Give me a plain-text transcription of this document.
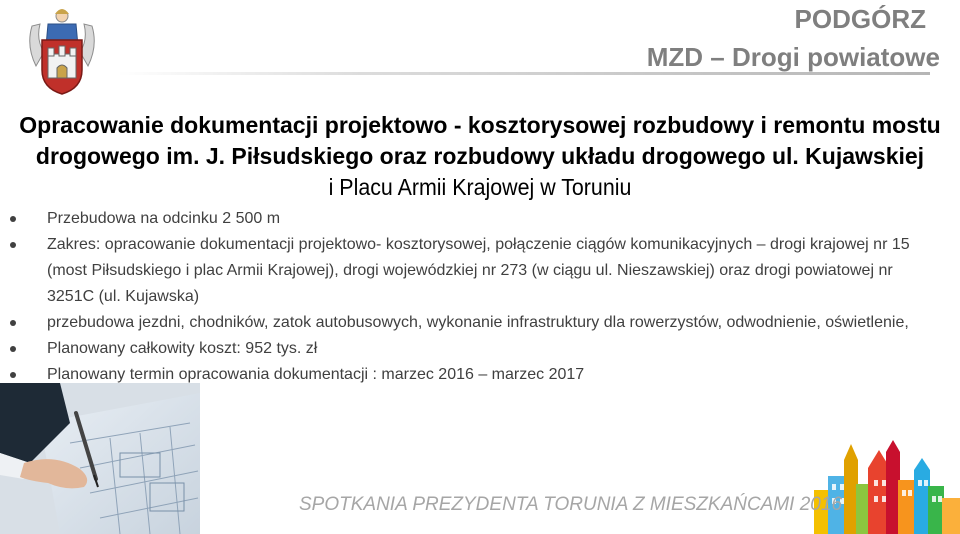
PODGÓRZ
MZD – Drogi powiatowe
Opracowanie dokumentacji projektowo - kosztorysowej rozbudowy i remontu mostu
drogowego im. J. Piłsudskiego oraz rozbudowy układu drogowego ul. Kujawskiej
i Placu Armii Krajowej w Toruniu
Przebudowa na odcinku 2 500 m
Zakres: opracowanie dokumentacji projektowo- kosztorysowej, połączenie ciągów komunikacyjnych – drogi krajowej nr 15 (most Piłsudskiego i plac Armii Krajowej), drogi wojewódzkiej nr 273 (w ciągu ul. Nieszawskiej) oraz drogi powiatowej nr 3251C (ul. Kujawska)
przebudowa jezdni, chodników, zatok autobusowych, wykonanie infrastruktury dla rowerzystów, odwodnienie, oświetlenie,
Planowany całkowity koszt: 952 tys. zł
Planowany termin opracowania dokumentacji : marzec 2016 – marzec 2017
SPOTKANIA PREZYDENTA TORUNIA Z MIESZKAŃCAMI 2016
